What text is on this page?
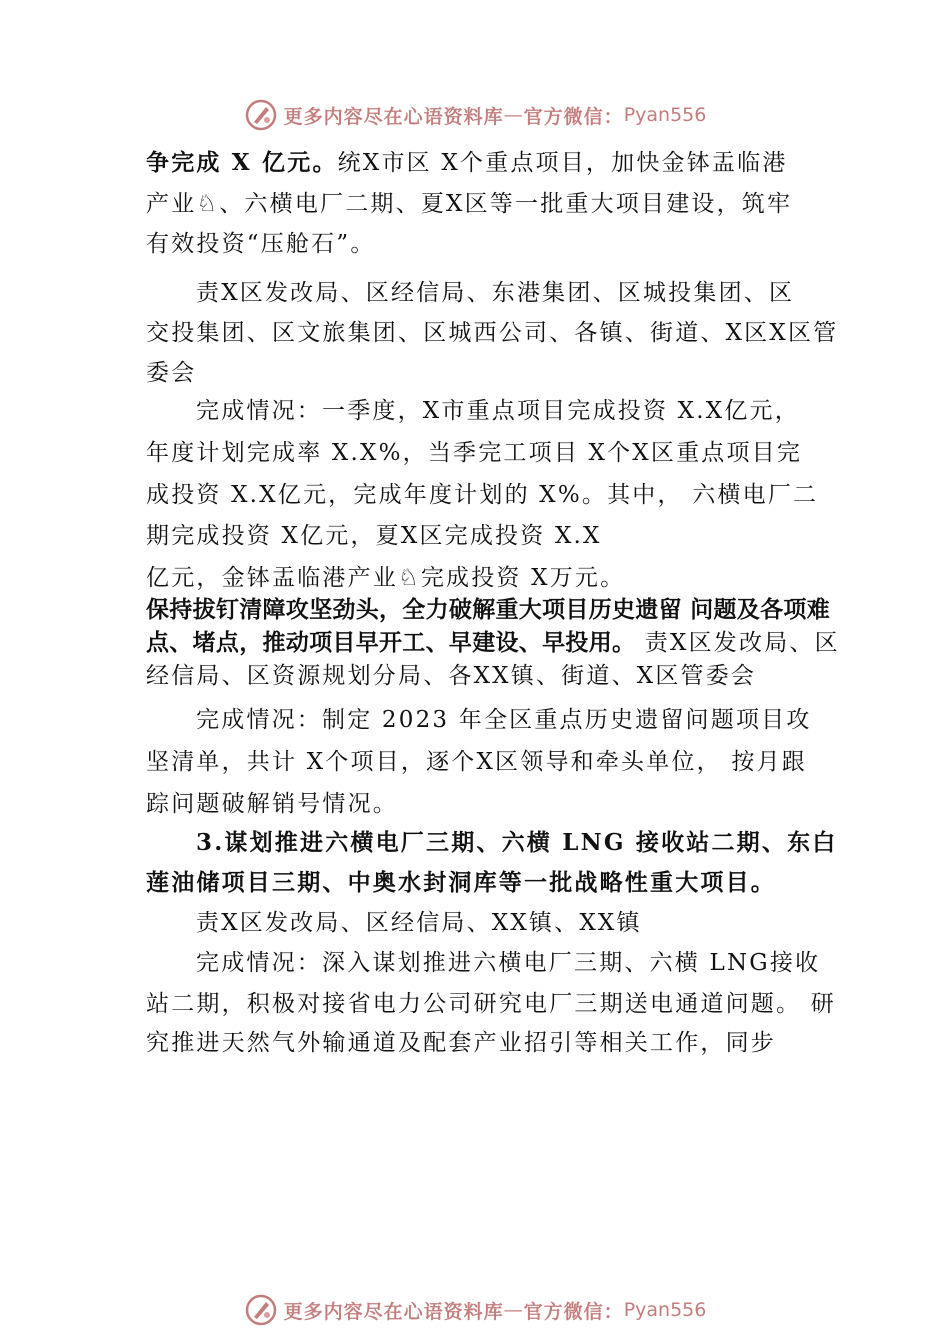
更多内容尽在心语资料库 — 官方微信： Pyan556
争完成 X 亿元。统X市区 X个重点项目，加快金钵盂临港
产业♘、六横电厂二期、夏X区等一批重大项目建设，筑牢
有效投资“压舱石”。
责X区发改局、区经信局、东港集团、区城投集团、区
交投集团、区文旅集团、区城西公司、各镇、街道、X区X区管
委会
完成情况：一季度，X市重点项目完成投资 X.X亿元，
年度计划完成率 X.X%，当季完工项目 X个X区重点项目完
成投资 X.X亿元，完成年度计划的 X%。其中， 六横电厂二
期完成投资 X亿元，夏X区完成投资 X.X
亿元，金钵盂临港产业♘完成投资 X万元。
保持拔钉清障攻坚劲头，全力破解重大项目历史遗留 问题及各项难
点、堵点，推动项目早开工、早建设、早投用。 责X区发改局、区
经信局、区资源规划分局、各XX镇、街道、X区管委会
完成情况：制定 2023 年全区重点历史遗留问题项目攻
坚清单，共计 X个项目，逐个X区领导和牵头单位， 按月跟
踪问题破解销号情况。
3.谋划推进六横电厂三期、六横 LNG 接收站二期、东白
莲油储项目三期、中奥水封洞库等一批战略性重大项目。
责X区发改局、区经信局、XX镇、XX镇
完成情况：深入谋划推进六横电厂三期、六横 LNG接收
站二期，积极对接省电力公司研究电厂三期送电通道问题。 研
究推进天然气外输通道及配套产业招引等相关工作，同步
更多内容尽在心语资料库 — 官方微信： Pyan556
